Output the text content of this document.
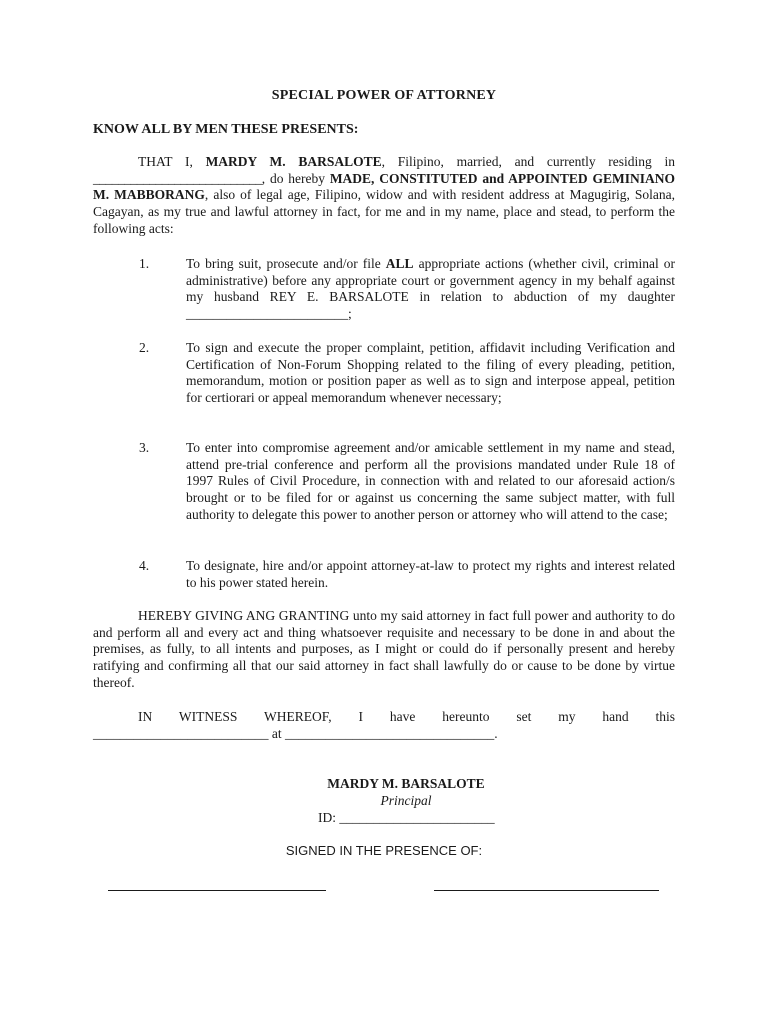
SPECIAL POWER OF ATTORNEY
KNOW ALL BY MEN THESE PRESENTS:
THAT I, MARDY M. BARSALOTE, Filipino, married, and currently residing in ___________________________, do hereby MADE, CONSTITUTED and APPOINTED GEMINIANO M. MABBORANG, also of legal age, Filipino, widow and with resident address at Magugirig, Solana, Cagayan, as my true and lawful attorney in fact, for me and in my name, place and stead, to perform the following acts:
1.	To bring suit, prosecute and/or file ALL appropriate actions (whether civil, criminal or administrative) before any appropriate court or government agency in my behalf against my husband REY E. BARSALOTE in relation to abduction of my daughter ________________________;
2.	To sign and execute the proper complaint, petition, affidavit including Verification and Certification of Non-Forum Shopping related to the filing of every pleading, petition, memorandum, motion or position paper as well as to sign and interpose appeal, petition for certiorari or appeal memorandum whenever necessary;
3.	To enter into compromise agreement and/or amicable settlement in my name and stead, attend pre-trial conference and perform all the provisions mandated under Rule 18 of 1997 Rules of Civil Procedure, in connection with and related to our aforesaid action/s brought or to be filed for or against us concerning the same subject matter, with full authority to delegate this power to another person or attorney who will attend to the case;
4.	To designate, hire and/or appoint attorney-at-law to protect my rights and interest related to his power stated herein.
HEREBY GIVING ANG GRANTING unto my said attorney in fact full power and authority to do and perform all and every act and thing whatsoever requisite and necessary to be done in and about the premises, as fully, to all intents and purposes, as I might or could do if personally present and hereby ratifying and confirming all that our said attorney in fact shall lawfully do or cause to be done by virtue thereof.
IN WITNESS WHEREOF, I have hereunto set my hand this
__________________________ at _______________________________.
MARDY M. BARSALOTE
Principal
ID: _______________________
SIGNED IN THE PRESENCE OF:
